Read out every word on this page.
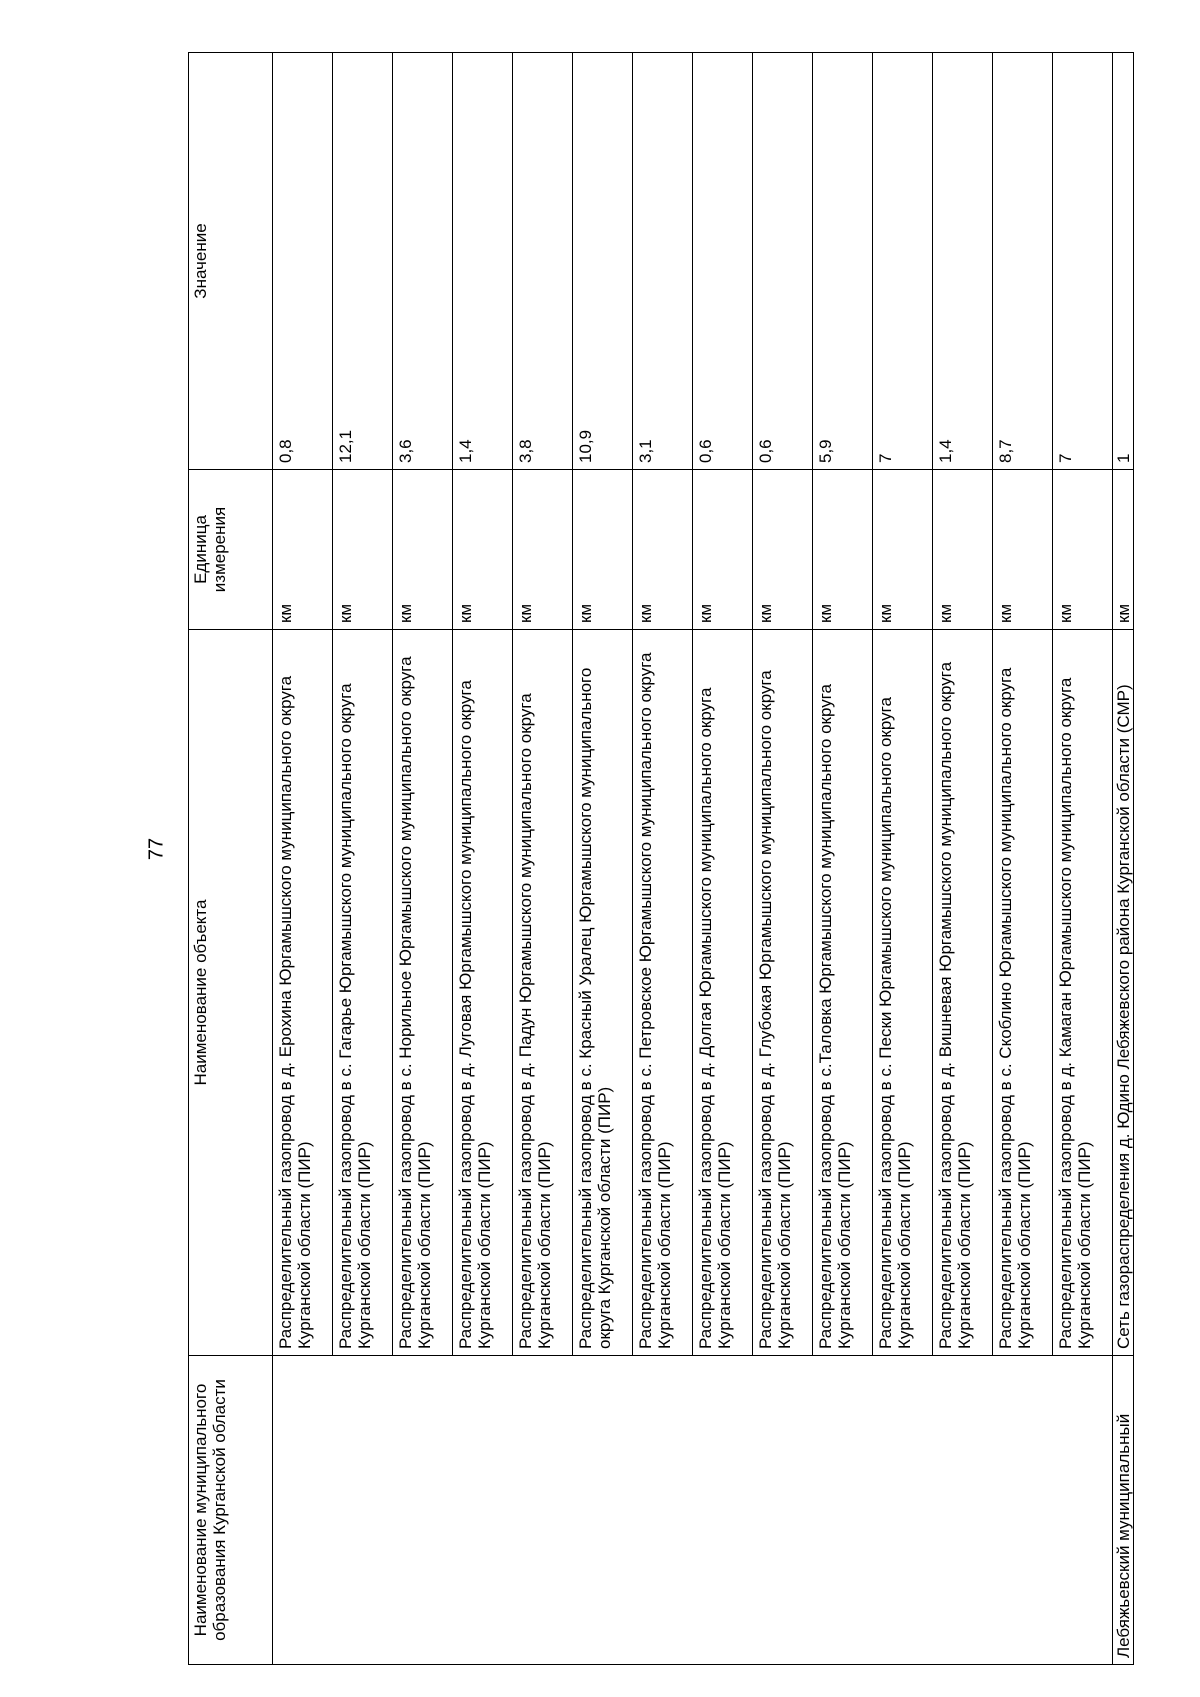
77
Наименование муниципального образования Курганской области	Наименование объекта	Единица измерения	Значение
	Распределительный газопровод в д. Ерохина Юргамышского муниципального округа Курганской области (ПИР)	км	0,8
	Распределительный газопровод в с. Гагарье Юргамышского муниципального округа Курганской области (ПИР)	км	12,1
	Распределительный газопровод в с. Норильное Юргамышского муниципального округа Курганской области (ПИР)	км	3,6
	Распределительный газопровод в д. Луговая Юргамышского муниципального округа Курганской области (ПИР)	км	1,4
	Распределительный газопровод в д. Падун Юргамышского муниципального округа Курганской области (ПИР)	км	3,8
	Распределительный газопровод в с. Красный Уралец Юргамышского муниципального округа Курганской области (ПИР)	км	10,9
	Распределительный газопровод в с. Петровское Юргамышского муниципального округа Курганской области (ПИР)	км	3,1
	Распределительный газопровод в д. Долгая Юргамышского муниципального округа Курганской области (ПИР)	км	0,6
	Распределительный газопровод в д. Глубокая Юргамышского муниципального округа Курганской области (ПИР)	км	0,6
	Распределительный газопровод в с.Таловка Юргамышского муниципального округа Курганской области (ПИР)	км	5,9
	Распределительный газопровод в с. Пески Юргамышского муниципального округа Курганской области (ПИР)	км	7
	Распределительный газопровод в д. Вишневая Юргамышского муниципального округа Курганской области (ПИР)	км	1,4
	Распределительный газопровод в с. Скоблино Юргамышского муниципального округа Курганской области (ПИР)	км	8,7
	Распределительный газопровод в д. Камаган Юргамышского муниципального округа Курганской области (ПИР)	км	7
Лебяжьевский муниципальный	Сеть газораспределения д. Юдино Лебяжевского района Курганской области (СМР)	км	1
